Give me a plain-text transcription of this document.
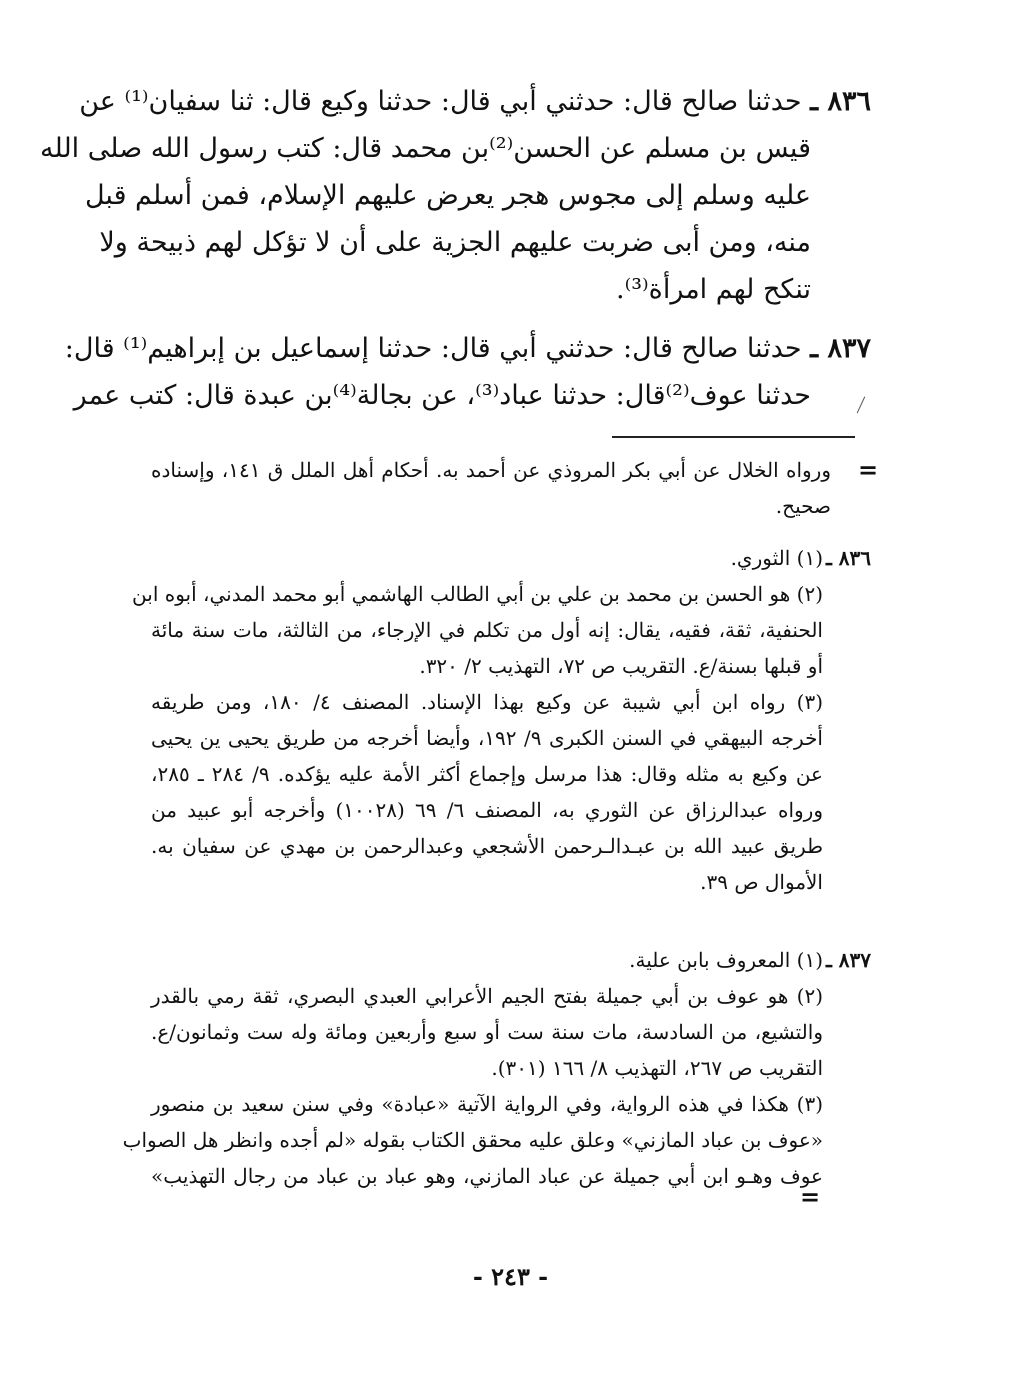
٨٣٦ ـ حدثنا صالح قال: حدثني أبي قال: حدثنا وكيع قال: ثنا سفيان⁽¹⁾ عن
قيس بن مسلم عن الحسن⁽²⁾بن محمد قال: كتب رسول الله صلى الله
عليه وسلم إلى مجوس هجر يعرض عليهم الإسلام، فمن أسلم قبل
منه، ومن أبى ضربت عليهم الجزية على أن لا تؤكل لهم ذبيحة ولا
تنكح لهم امرأة⁽³⁾.
٨٣٧ ـ حدثنا صالح قال: حدثني أبي قال: حدثنا إسماعيل بن إبراهيم⁽¹⁾ قال:
حدثنا عوف⁽²⁾قال: حدثنا عباد⁽³⁾، عن بجالة⁽⁴⁾بن عبدة قال: كتب عمر
=
ورواه الخلال عن أبي بكر المروذي عن أحمد به. أحكام أهل الملل ق ١٤١، وإسناده
صحيح.
٨٣٦ ـ(١) الثوري.
(٢) هو الحسن بن محمد بن علي بن أبي الطالب الهاشمي أبو محمد المدني، أبوه ابن
الحنفية، ثقة، فقيه، يقال: إنه أول من تكلم في الإرجاء، من الثالثة، مات سنة مائة
أو قبلها بسنة/ع. التقريب ص ٧٢، التهذيب ٢/ ٣٢٠.
(٣) رواه ابن أبي شيبة عن وكيع بهذا الإسناد. المصنف ٤/ ١٨٠، ومن طريقه
أخرجه البيهقي في السنن الكبرى ٩/ ١٩٢، وأيضا أخرجه من طريق يحيى ين يحيى
عن وكيع به مثله وقال: هذا مرسل وإجماع أكثر الأمة عليه يؤكده. ٩/ ٢٨٤ ـ ٢٨٥،
ورواه عبدالرزاق عن الثوري به، المصنف ٦/ ٦٩ (١٠٠٢٨) وأخرجه أبو عبيد من
طريق عبيد الله بن عبـدالـرحمن الأشجعي وعبدالرحمن بن مهدي عن سفيان به.
الأموال ص ٣٩.
٨٣٧ ـ(١) المعروف بابن علية.
(٢) هو عوف بن أبي جميلة بفتح الجيم الأعرابي العبدي البصري، ثقة رمي بالقدر
والتشيع، من السادسة، مات سنة ست أو سبع وأربعين ومائة وله ست وثمانون/ع.
التقريب ص ٢٦٧، التهذيب ٨/ ١٦٦ (٣٠١).
(٣) هكذا في هذه الرواية، وفي الرواية الآتية «عبادة» وفي سنن سعيد بن منصور
«عوف بن عباد المازني» وعلق عليه محقق الكتاب بقوله «لم أجده وانظر هل الصواب
عوف وهـو ابن أبي جميلة عن عباد المازني، وهو عباد بن عباد من رجال التهذيب»
=
- ٢٤٣ -
